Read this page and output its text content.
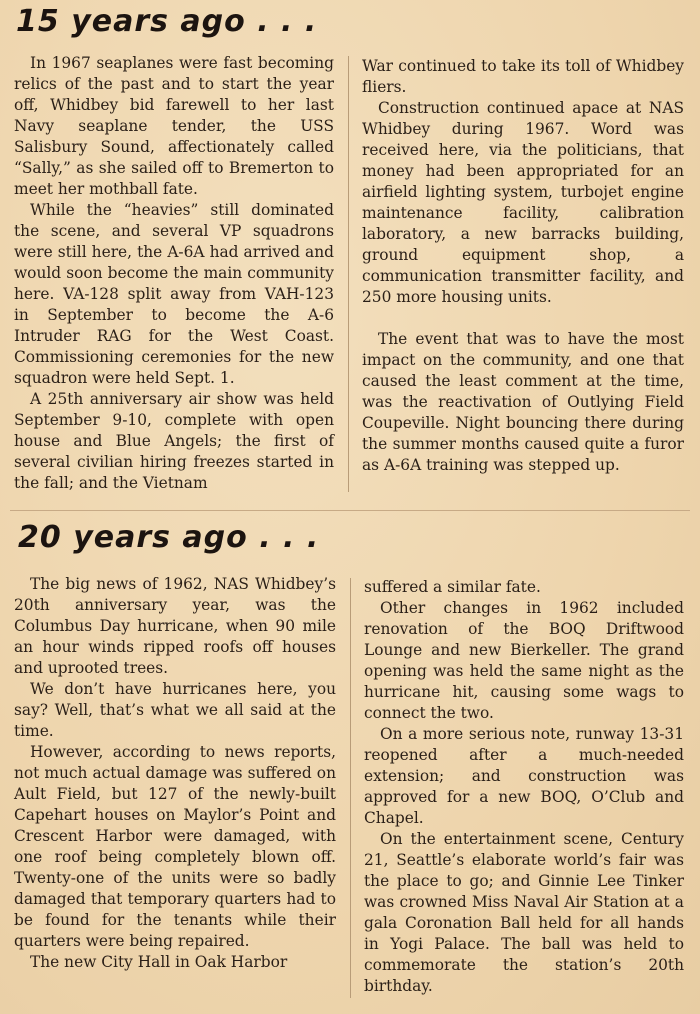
15 years ago . . .

In 1967 seaplanes were fast becoming relics of the past and to start the year off, Whidbey bid farewell to her last Navy seaplane tender, the USS Salisbury Sound, affectionately called “Sally,” as she sailed off to Bremerton to meet her mothball fate.

While the “heavies” still dominated the scene, and several VP squadrons were still here, the A-6A had arrived and would soon become the main community here. VA-128 split away from VAH-123 in September to become the A-6 Intruder RAG for the West Coast. Commissioning ceremonies for the new squadron were held Sept. 1.

A 25th anniversary air show was held September 9-10, complete with open house and Blue Angels; the first of several civilian hiring freezes started in the fall; and the Vietnam

War continued to take its toll of Whidbey fliers.

Construction continued apace at NAS Whidbey during 1967. Word was received here, via the politicians, that money had been appropriated for an airfield lighting system, turbojet engine maintenance facility, calibration laboratory, a new barracks building, ground equipment shop, a communication transmitter facility, and 250 more housing units.

The event that was to have the most impact on the community, and one that caused the least comment at the time, was the reactivation of Outlying Field Coupeville. Night bouncing there during the summer months caused quite a furor as A-6A training was stepped up.

20 years ago . . .

The big news of 1962, NAS Whidbey’s 20th anniversary year, was the Columbus Day hurricane, when 90 mile an hour winds ripped roofs off houses and uprooted trees.

We don’t have hurricanes here, you say? Well, that’s what we all said at the time.

However, according to news reports, not much actual damage was suffered on Ault Field, but 127 of the newly-built Capehart houses on Maylor’s Point and Crescent Harbor were damaged, with one roof being completely blown off. Twenty-one of the units were so badly damaged that temporary quarters had to be found for the tenants while their quarters were being repaired.

The new City Hall in Oak Harbor

suffered a similar fate.

Other changes in 1962 included renovation of the BOQ Driftwood Lounge and new Bierkeller. The grand opening was held the same night as the hurricane hit, causing some wags to connect the two.

On a more serious note, runway 13-31 reopened after a much-needed extension; and construction was approved for a new BOQ, O’Club and Chapel.

On the entertainment scene, Century 21, Seattle’s elaborate world’s fair was the place to go; and Ginnie Lee Tinker was crowned Miss Naval Air Station at a gala Coronation Ball held for all hands in Yogi Palace. The ball was held to commemorate the station’s 20th birthday.
